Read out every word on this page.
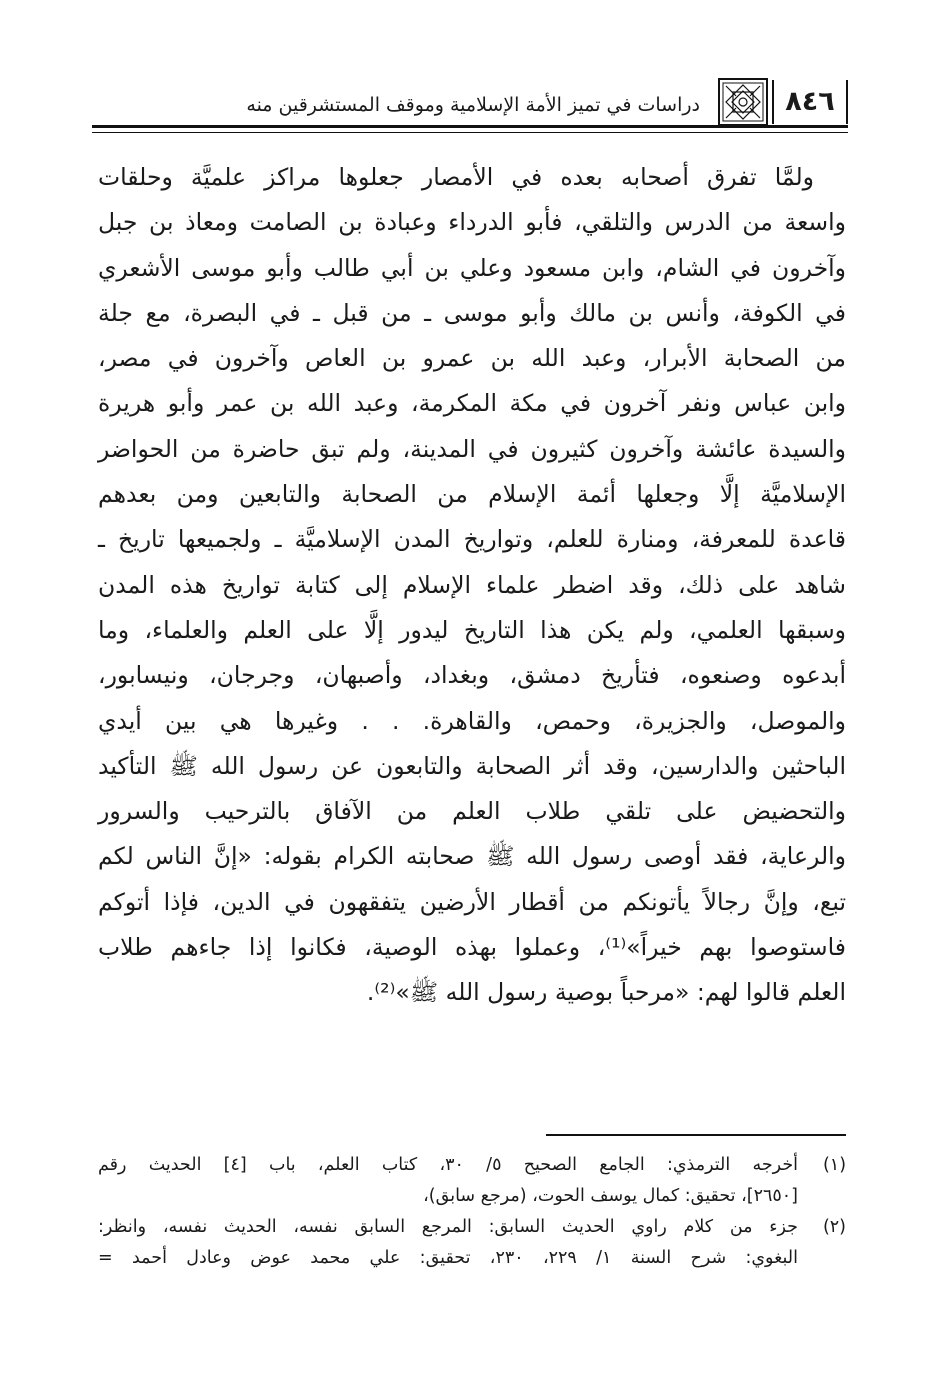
٨٤٦
دراسات في تميز الأمة الإسلامية وموقف المستشرقين منه
ولمَّا تفرق أصحابه بعده في الأمصار جعلوها مراكز علميَّة وحلقات
واسعة من الدرس والتلقي، فأبو الدرداء وعبادة بن الصامت ومعاذ بن جبل
وآخرون في الشام، وابن مسعود وعلي بن أبي طالب وأبو موسى الأشعري
في الكوفة، وأنس بن مالك وأبو موسى ـ من قبل ـ في البصرة، مع جلة
من الصحابة الأبرار، وعبد الله بن عمرو بن العاص وآخرون في مصر،
وابن عباس ونفر آخرون في مكة المكرمة، وعبد الله بن عمر وأبو هريرة
والسيدة عائشة وآخرون كثيرون في المدينة، ولم تبق حاضرة من الحواضر
الإسلاميَّة إلَّا وجعلها أئمة الإسلام من الصحابة والتابعين ومن بعدهم
قاعدة للمعرفة، ومنارة للعلم، وتواريخ المدن الإسلاميَّة ـ ولجميعها تاريخ ـ
شاهد على ذلك، وقد اضطر علماء الإسلام إلى كتابة تواريخ هذه المدن
وسبقها العلمي، ولم يكن هذا التاريخ ليدور إلَّا على العلم والعلماء، وما
أبدعوه وصنعوه، فتأريخ دمشق، وبغداد، وأصبهان، وجرجان، ونيسابور،
والموصل، والجزيرة، وحمص، والقاهرة. . . وغيرها هي بين أيدي
الباحثين والدارسين، وقد أثر الصحابة والتابعون عن رسول الله ﷺ التأكيد
والتحضيض على تلقي طلاب العلم من الآفاق بالترحيب والسرور
والرعاية، فقد أوصى رسول الله ﷺ صحابته الكرام بقوله: «إنَّ الناس لكم
تبع، وإنَّ رجالاً يأتونكم من أقطار الأرضين يتفقهون في الدين، فإذا أتوكم
فاستوصوا بهم خيراً»⁽¹⁾، وعملوا بهذه الوصية، فكانوا إذا جاءهم طلاب
العلم قالوا لهم: «مرحباً بوصية رسول الله ﷺ»⁽²⁾.
(١)أخرجه الترمذي: الجامع الصحيح ٥/ ٣٠، كتاب العلم، باب [٤] الحديث رقم
[٢٦٥٠]، تحقيق: كمال يوسف الحوت، (مرجع سابق)،
(٢)جزء من كلام راوي الحديث السابق: المرجع السابق نفسه، الحديث نفسه، وانظر:
البغوي: شرح السنة ١/ ٢٢٩، ٢٣٠، تحقيق: علي محمد عوض وعادل أحمد =
